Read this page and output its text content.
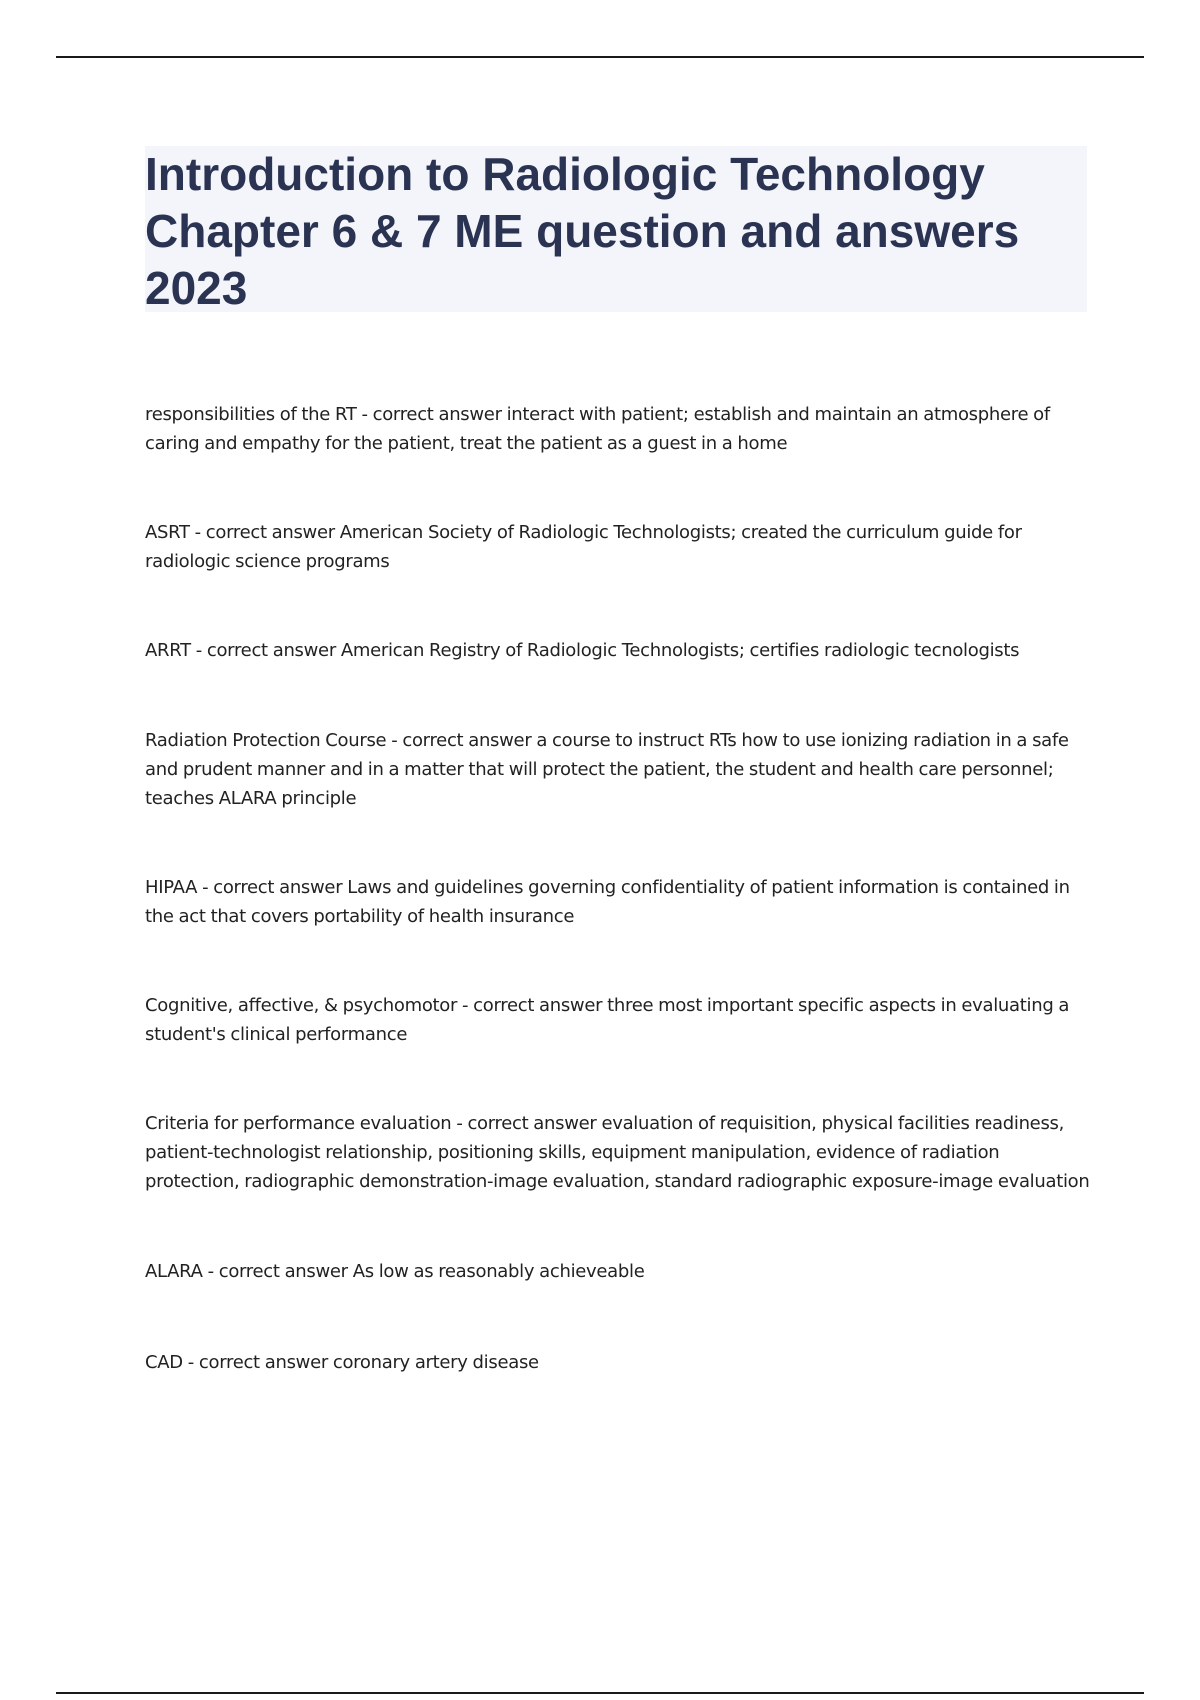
Introduction to Radiologic Technology Chapter 6 & 7 ME question and answers 2023
responsibilities of the RT - correct answer interact with patient; establish and maintain an atmosphere of caring and empathy for the patient, treat the patient as a guest in a home
ASRT - correct answer American Society of Radiologic Technologists; created the curriculum guide for radiologic science programs
ARRT - correct answer American Registry of Radiologic Technologists; certifies radiologic tecnologists
Radiation Protection Course - correct answer a course to instruct RTs how to use ionizing radiation in a safe and prudent manner and in a matter that will protect the patient, the student and health care personnel; teaches ALARA principle
HIPAA - correct answer Laws and guidelines governing confidentiality of patient information is contained in the act that covers portability of health insurance
Cognitive, affective, & psychomotor - correct answer three most important specific aspects in evaluating a student's clinical performance
Criteria for performance evaluation - correct answer evaluation of requisition, physical facilities readiness, patient-technologist relationship, positioning skills, equipment manipulation, evidence of radiation protection, radiographic demonstration-image evaluation, standard radiographic exposure-image evaluation
ALARA - correct answer As low as reasonably achieveable
CAD - correct answer coronary artery disease
